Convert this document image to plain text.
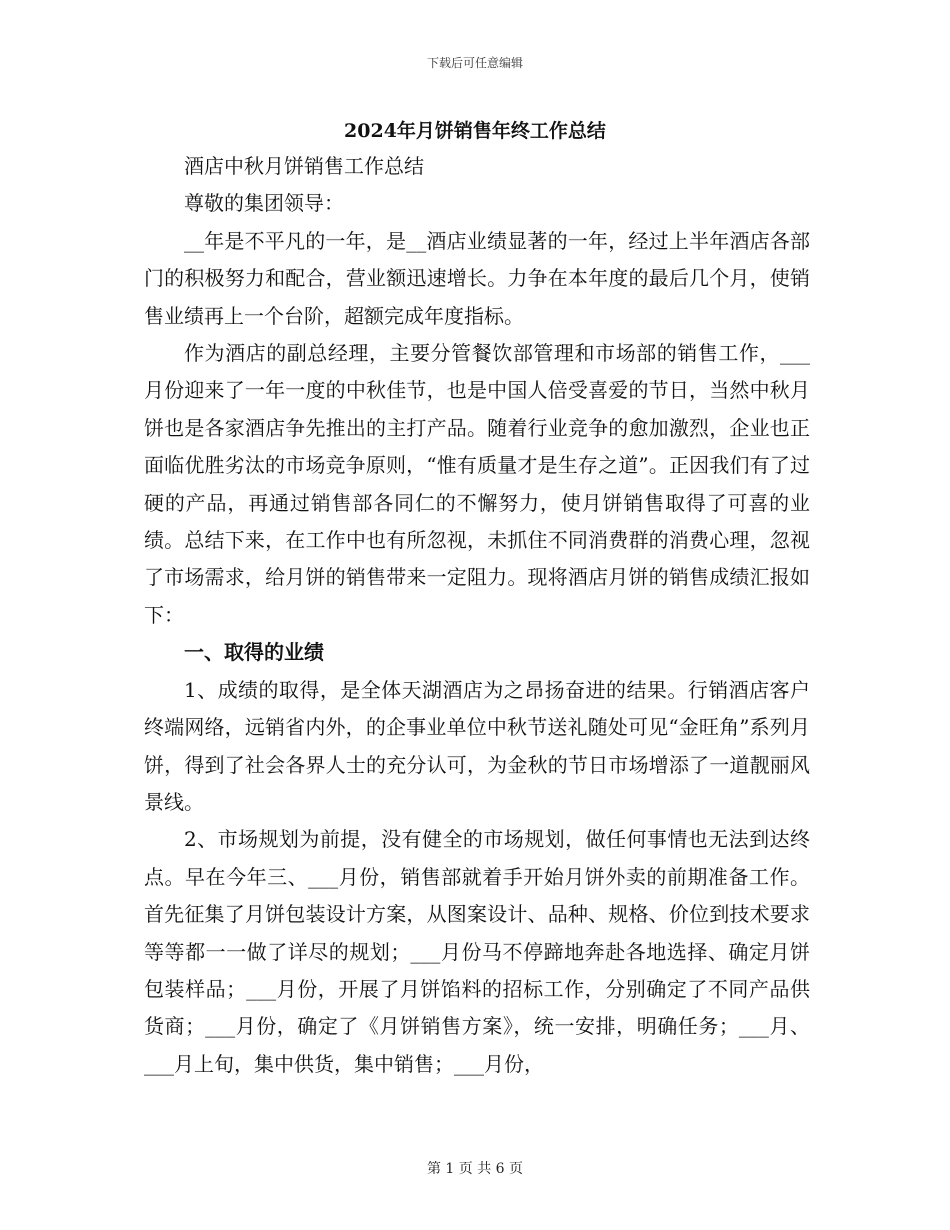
下载后可任意编辑
2024年月饼销售年终工作总结

酒店中秋月饼销售工作总结

尊敬的集团领导：

__年是不平凡的一年，是__酒店业绩显著的一年，经过上半年酒店各部门的积极努力和配合，营业额迅速增长。力争在本年度的最后几个月，使销售业绩再上一个台阶，超额完成年度指标。

作为酒店的副总经理，主要分管餐饮部管理和市场部的销售工作，___月份迎来了一年一度的中秋佳节，也是中国人倍受喜爱的节日，当然中秋月饼也是各家酒店争先推出的主打产品。随着行业竞争的愈加激烈，企业也正面临优胜劣汰的市场竞争原则，“惟有质量才是生存之道”。正因我们有了过硬的产品，再通过销售部各同仁的不懈努力，使月饼销售取得了可喜的业绩。总结下来，在工作中也有所忽视，未抓住不同消费群的消费心理，忽视了市场需求，给月饼的销售带来一定阻力。现将酒店月饼的销售成绩汇报如下：

一、取得的业绩

1、成绩的取得，是全体天湖酒店为之昂扬奋进的结果。行销酒店客户终端网络，远销省内外，的企事业单位中秋节送礼随处可见“金旺角”系列月饼，得到了社会各界人士的充分认可，为金秋的节日市场增添了一道靓丽风景线。

2、市场规划为前提，没有健全的市场规划，做任何事情也无法到达终点。早在今年三、___月份，销售部就着手开始月饼外卖的前期准备工作。首先征集了月饼包装设计方案，从图案设计、品种、规格、价位到技术要求等等都一一做了详尽的规划；___月份马不停蹄地奔赴各地选择、确定月饼包装样品；___月份，开展了月饼馅料的招标工作，分别确定了不同产品供货商；___月份，确定了《月饼销售方案》，统一安排，明确任务；___月、___月上旬，集中供货，集中销售；___月份，

第 1 页 共 6 页
